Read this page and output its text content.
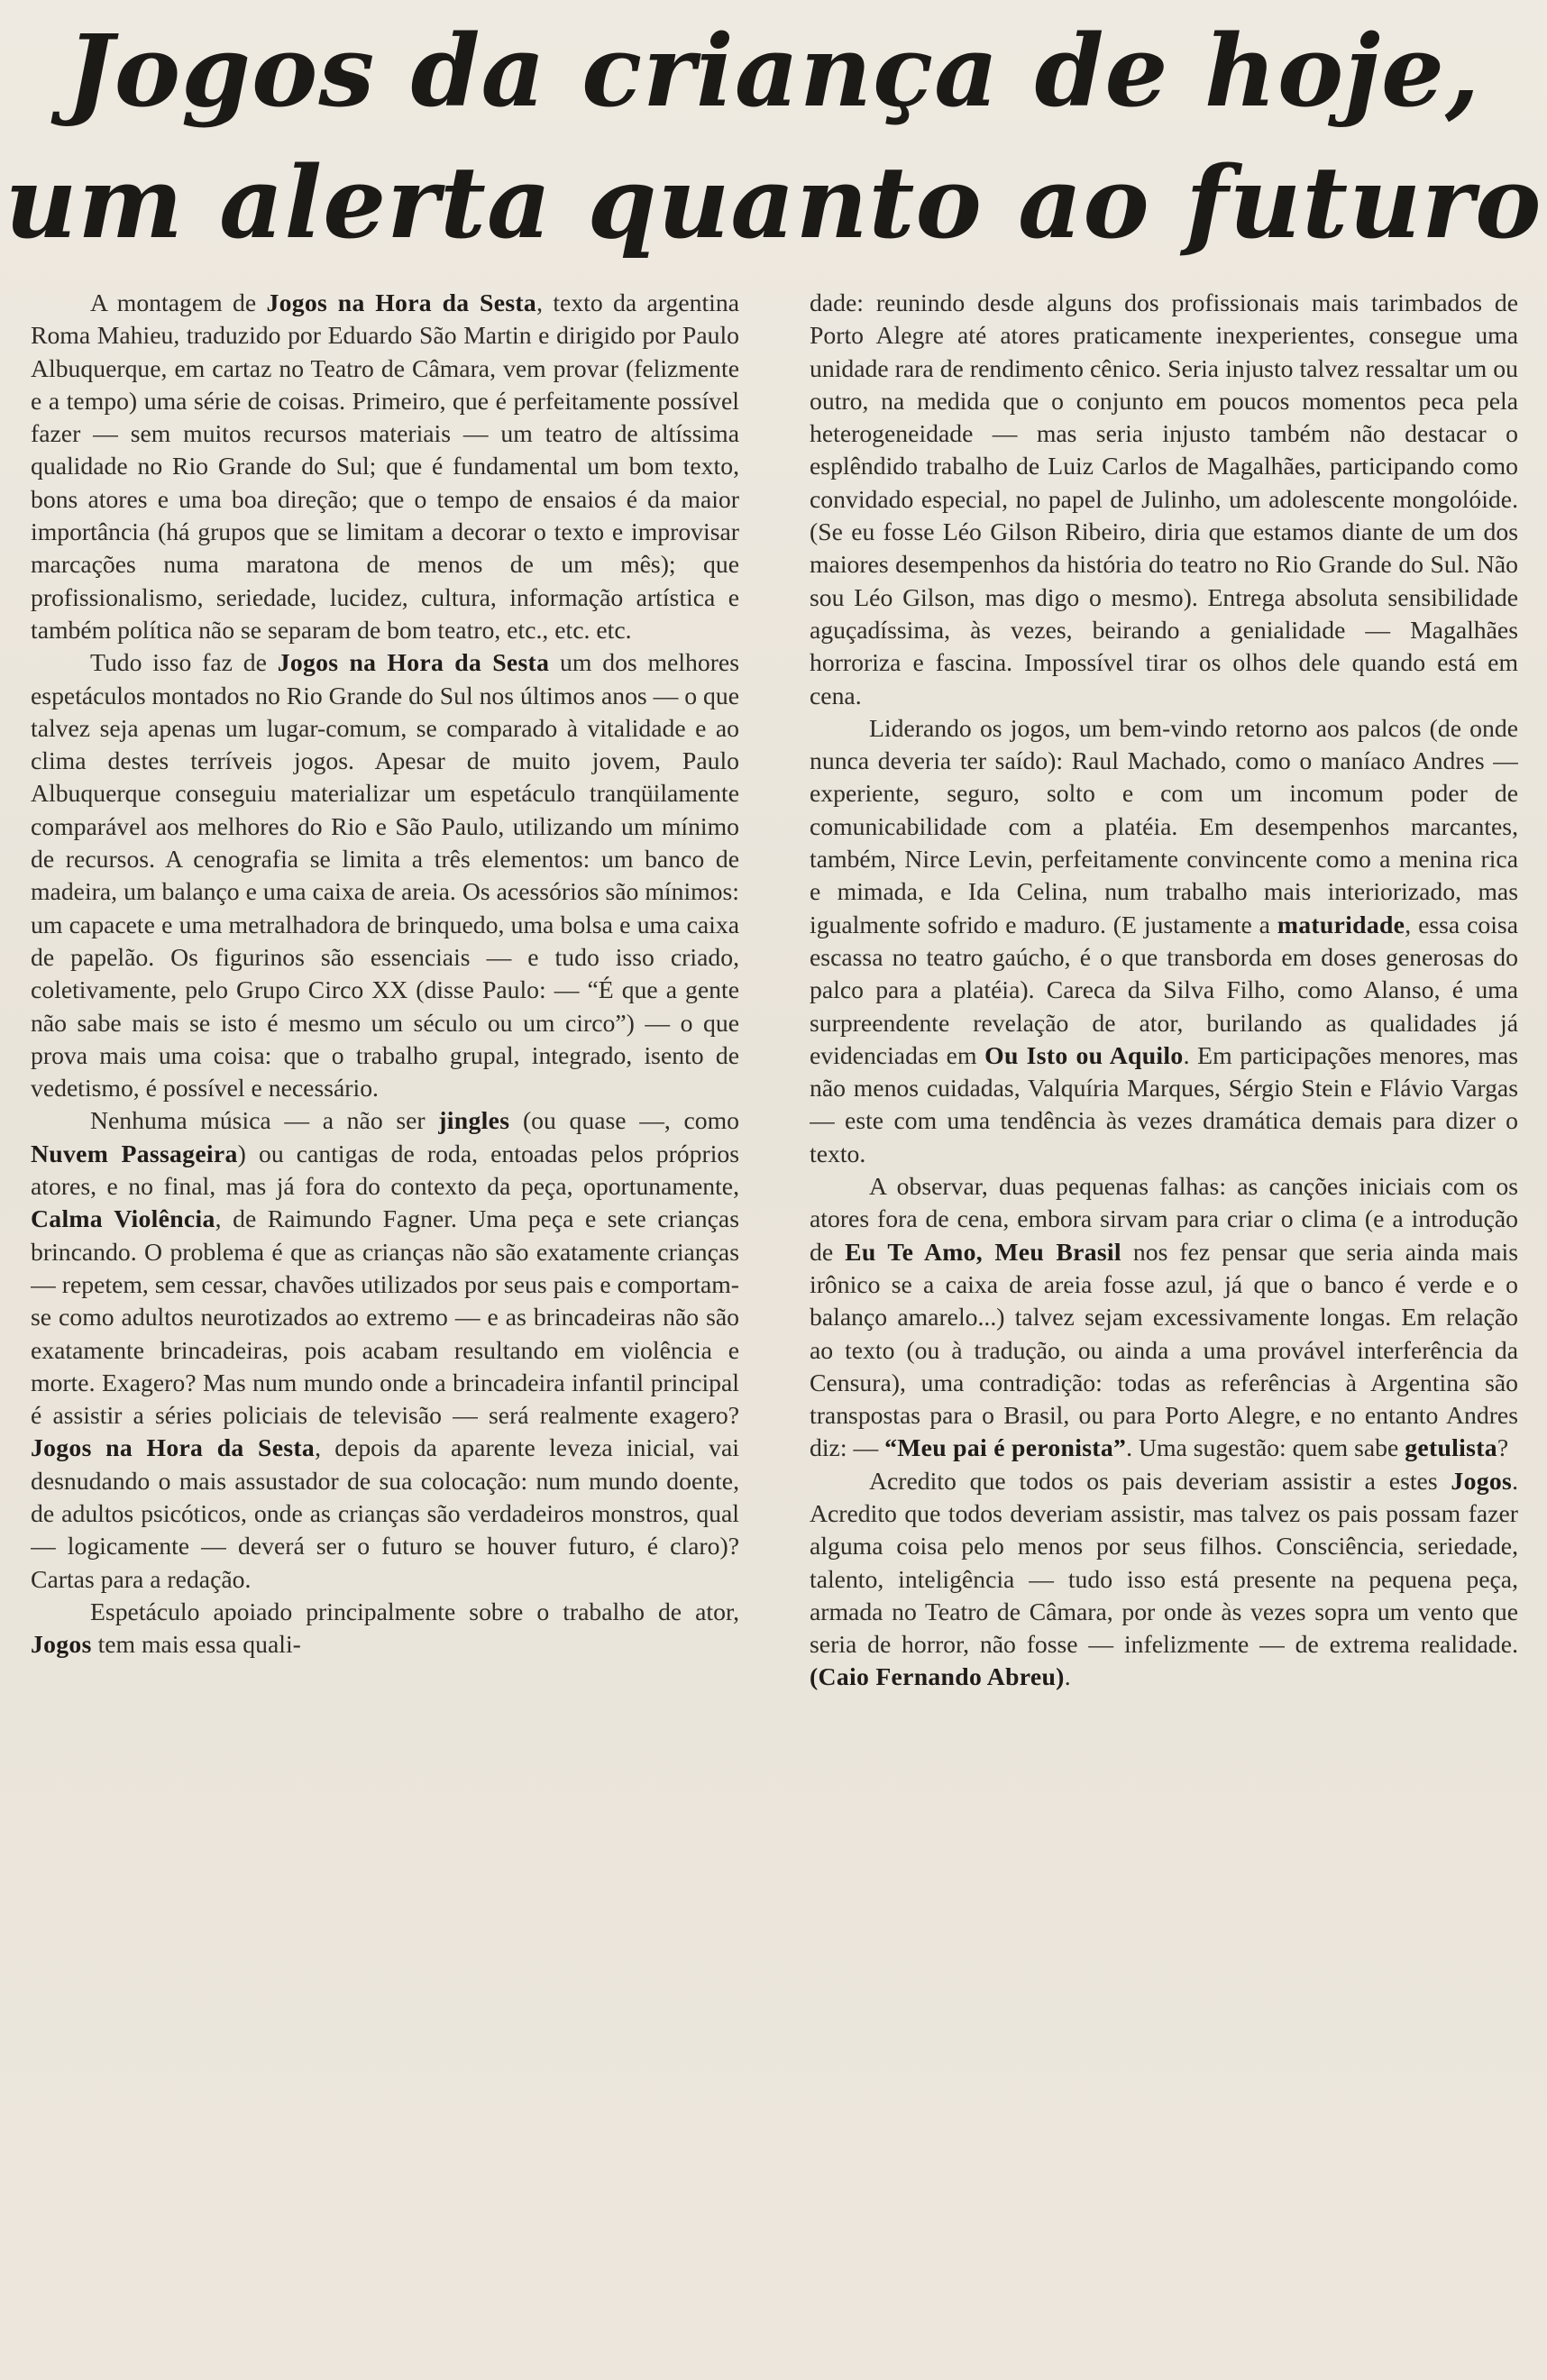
Jogos da criança de hoje,
um alerta quanto ao futuro

A montagem de Jogos na Hora da Sesta, texto da argentina Roma Mahieu, traduzido por Eduardo São Martin e dirigido por Paulo Albuquerque, em cartaz no Teatro de Câmara, vem provar (felizmente e a tempo) uma série de coisas. Primeiro, que é perfeitamente possível fazer — sem muitos recursos materiais — um teatro de altíssima qualidade no Rio Grande do Sul; que é fundamental um bom texto, bons atores e uma boa direção; que o tempo de ensaios é da maior importância (há grupos que se limitam a decorar o texto e improvisar marcações numa maratona de menos de um mês); que profissionalismo, seriedade, lucidez, cultura, informação artística e também política não se separam de bom teatro, etc., etc. etc.

Tudo isso faz de Jogos na Hora da Sesta um dos melhores espetáculos montados no Rio Grande do Sul nos últimos anos — o que talvez seja apenas um lugar-comum, se comparado à vitalidade e ao clima destes terríveis jogos. Apesar de muito jovem, Paulo Albuquerque conseguiu materializar um espetáculo tranqüilamente comparável aos melhores do Rio e São Paulo, utilizando um mínimo de recursos. A cenografia se limita a três elementos: um banco de madeira, um balanço e uma caixa de areia. Os acessórios são mínimos: um capacete e uma metralhadora de brinquedo, uma bolsa e uma caixa de papelão. Os figurinos são essenciais — e tudo isso criado, coletivamente, pelo Grupo Circo XX (disse Paulo: — “É que a gente não sabe mais se isto é mesmo um século ou um circo”) — o que prova mais uma coisa: que o trabalho grupal, integrado, isento de vedetismo, é possível e necessário.

Nenhuma música — a não ser jingles (ou quase —, como Nuvem Passageira) ou cantigas de roda, entoadas pelos próprios atores, e no final, mas já fora do contexto da peça, oportunamente, Calma Violência, de Raimundo Fagner. Uma peça e sete crianças brincando. O problema é que as crianças não são exatamente crianças — repetem, sem cessar, chavões utilizados por seus pais e comportam-se como adultos neurotizados ao extremo — e as brincadeiras não são exatamente brincadeiras, pois acabam resultando em violência e morte. Exagero? Mas num mundo onde a brincadeira infantil principal é assistir a séries policiais de televisão — será realmente exagero? Jogos na Hora da Sesta, depois da aparente leveza inicial, vai desnudando o mais assustador de sua colocação: num mundo doente, de adultos psicóticos, onde as crianças são verdadeiros monstros, qual — logicamente — deverá ser o futuro se houver futuro, é claro)? Cartas para a redação.

Espetáculo apoiado principalmente sobre o trabalho de ator, Jogos tem mais essa quali-

dade: reunindo desde alguns dos profissionais mais tarimbados de Porto Alegre até atores praticamente inexperientes, consegue uma unidade rara de rendimento cênico. Seria injusto talvez ressaltar um ou outro, na medida que o conjunto em poucos momentos peca pela heterogeneidade — mas seria injusto também não destacar o esplêndido trabalho de Luiz Carlos de Magalhães, participando como convidado especial, no papel de Julinho, um adolescente mongolóide. (Se eu fosse Léo Gilson Ribeiro, diria que estamos diante de um dos maiores desempenhos da história do teatro no Rio Grande do Sul. Não sou Léo Gilson, mas digo o mesmo). Entrega absoluta sensibilidade aguçadíssima, às vezes, beirando a genialidade — Magalhães horroriza e fascina. Impossível tirar os olhos dele quando está em cena.

Liderando os jogos, um bem-vindo retorno aos palcos (de onde nunca deveria ter saído): Raul Machado, como o maníaco Andres — experiente, seguro, solto e com um incomum poder de comunicabilidade com a platéia. Em desempenhos marcantes, também, Nirce Levin, perfeitamente convincente como a menina rica e mimada, e Ida Celina, num trabalho mais interiorizado, mas igualmente sofrido e maduro. (E justamente a maturidade, essa coisa escassa no teatro gaúcho, é o que transborda em doses generosas do palco para a platéia). Careca da Silva Filho, como Alanso, é uma surpreendente revelação de ator, burilando as qualidades já evidenciadas em Ou Isto ou Aquilo. Em participações menores, mas não menos cuidadas, Valquíria Marques, Sérgio Stein e Flávio Vargas — este com uma tendência às vezes dramática demais para dizer o texto.

A observar, duas pequenas falhas: as canções iniciais com os atores fora de cena, embora sirvam para criar o clima (e a introdução de Eu Te Amo, Meu Brasil nos fez pensar que seria ainda mais irônico se a caixa de areia fosse azul, já que o banco é verde e o balanço amarelo...) talvez sejam excessivamente longas. Em relação ao texto (ou à tradução, ou ainda a uma provável interferência da Censura), uma contradição: todas as referências à Argentina são transpostas para o Brasil, ou para Porto Alegre, e no entanto Andres diz: — “Meu pai é peronista”. Uma sugestão: quem sabe getulista?

Acredito que todos os pais deveriam assistir a estes Jogos. Acredito que todos deveriam assistir, mas talvez os pais possam fazer alguma coisa pelo menos por seus filhos. Consciência, seriedade, talento, inteligência — tudo isso está presente na pequena peça, armada no Teatro de Câmara, por onde às vezes sopra um vento que seria de horror, não fosse — infelizmente — de extrema realidade. (Caio Fernando Abreu).
